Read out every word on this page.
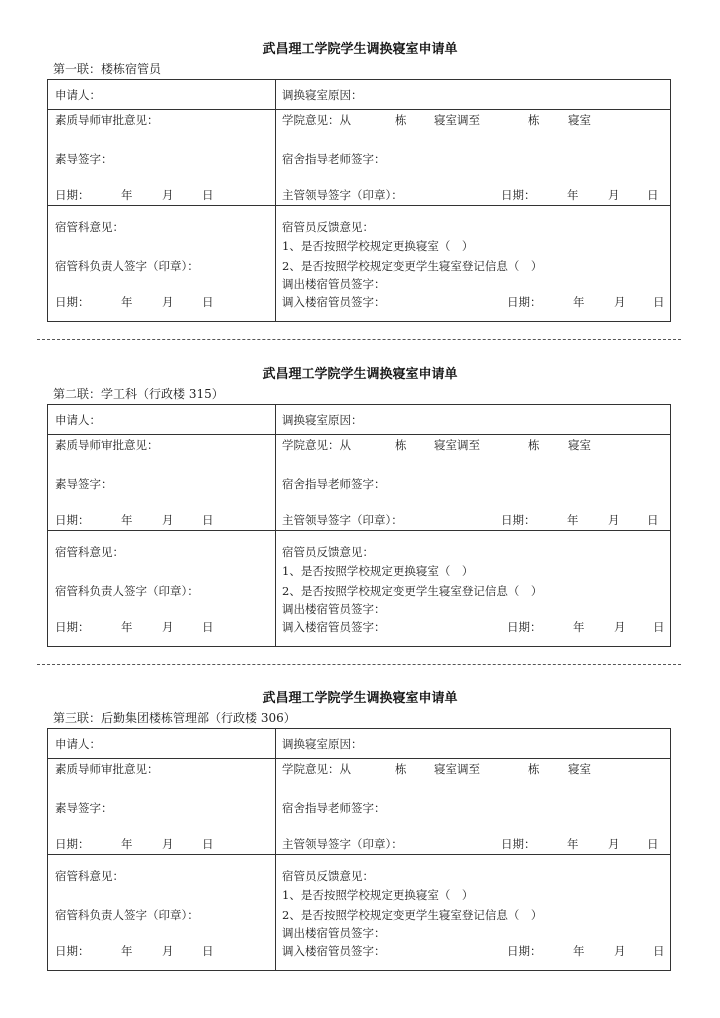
武昌理工学院学生调换寝室申请单
第一联：楼栋宿管员
申请人：	调换寝室原因：
素质导师审批意见：
素导签字：
日期：	年	月 日
学院意见：从	栋 寝室调至	栋 寝室
宿舍指导老师签字：
主管领导签字（印章）：	日期：	年	月 日
宿管科意见：
宿管科负责人签字（印章）：
日期：	年	月 日
宿管员反馈意见：
1、是否按照学校规定更换寝室（　）
2、是否按照学校规定变更学生寝室登记信息（　）
调出楼宿管员签字：
调入楼宿管员签字：	日期：	年	月 日
武昌理工学院学生调换寝室申请单
第二联：学工科（行政楼 315）
申请人：	调换寝室原因：
素质导师审批意见：
素导签字：
日期：	年	月 日
学院意见：从	栋 寝室调至	栋 寝室
宿舍指导老师签字：
主管领导签字（印章）：	日期：	年	月 日
宿管科意见：
宿管科负责人签字（印章）：
日期：	年	月 日
宿管员反馈意见：
1、是否按照学校规定更换寝室（　）
2、是否按照学校规定变更学生寝室登记信息（　）
调出楼宿管员签字：
调入楼宿管员签字：	日期：	年	月 日
武昌理工学院学生调换寝室申请单
第三联：后勤集团楼栋管理部（行政楼 306）
申请人：	调换寝室原因：
素质导师审批意见：
素导签字：
日期：	年	月 日
学院意见：从	栋 寝室调至	栋 寝室
宿舍指导老师签字：
主管领导签字（印章）：	日期：	年	月 日
宿管科意见：
宿管科负责人签字（印章）：
日期：	年	月 日
宿管员反馈意见：
1、是否按照学校规定更换寝室（　）
2、是否按照学校规定变更学生寝室登记信息（　）
调出楼宿管员签字：
调入楼宿管员签字：	日期：	年	月 日
